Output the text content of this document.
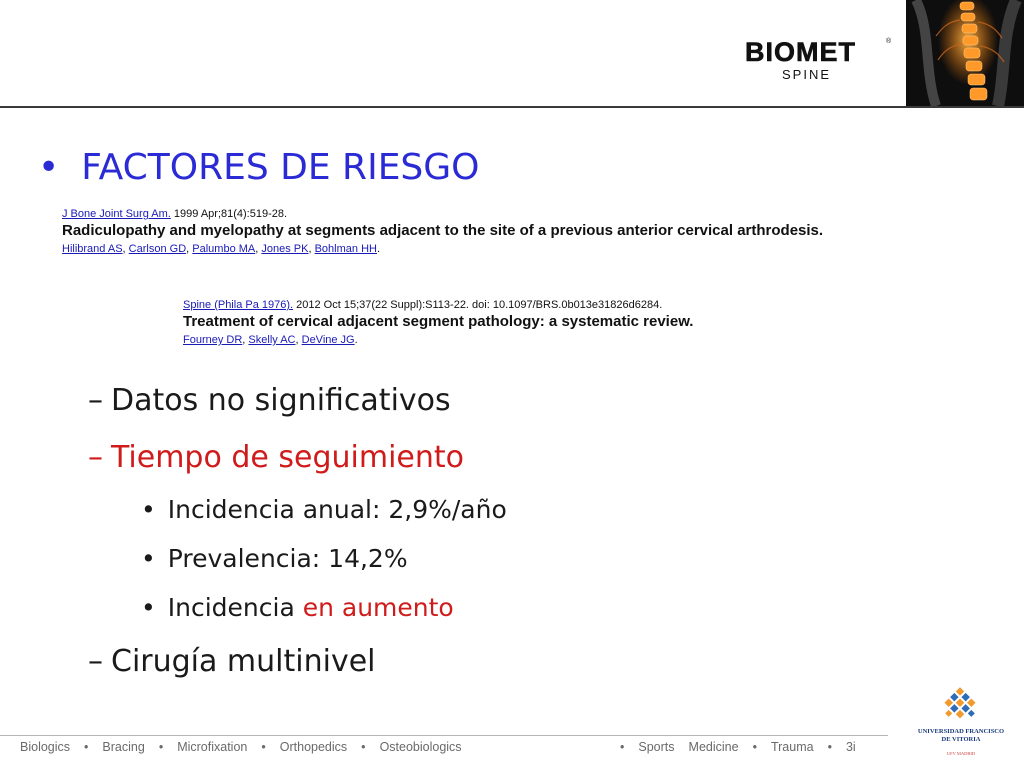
BIOMET	®
SPINE
• FACTORES DE RIESGO
J Bone Joint Surg Am. 1999 Apr;81(4):519-28.
Radiculopathy and myelopathy at segments adjacent to the site of a previous anterior cervical arthrodesis.
Hilibrand AS, Carlson GD, Palumbo MA, Jones PK, Bohlman HH.
Spine (Phila Pa 1976). 2012 Oct 15;37(22 Suppl):S113-22. doi: 10.1097/BRS.0b013e31826d6284.
Treatment of cervical adjacent segment pathology: a systematic review.
Fourney DR, Skelly AC, DeVine JG.
– Datos no significativos
– Tiempo de seguimiento
• Incidencia anual: 2,9%/año
• Prevalencia: 14,2%
• Incidencia en aumento
– Cirugía multinivel
Biologics • Bracing • Microfixation • Orthopedics • Osteobiologics	• Sports Medicine • Trauma • 3i
UNIVERSIDAD FRANCISCO DE VITORIA
UFV MADRID
